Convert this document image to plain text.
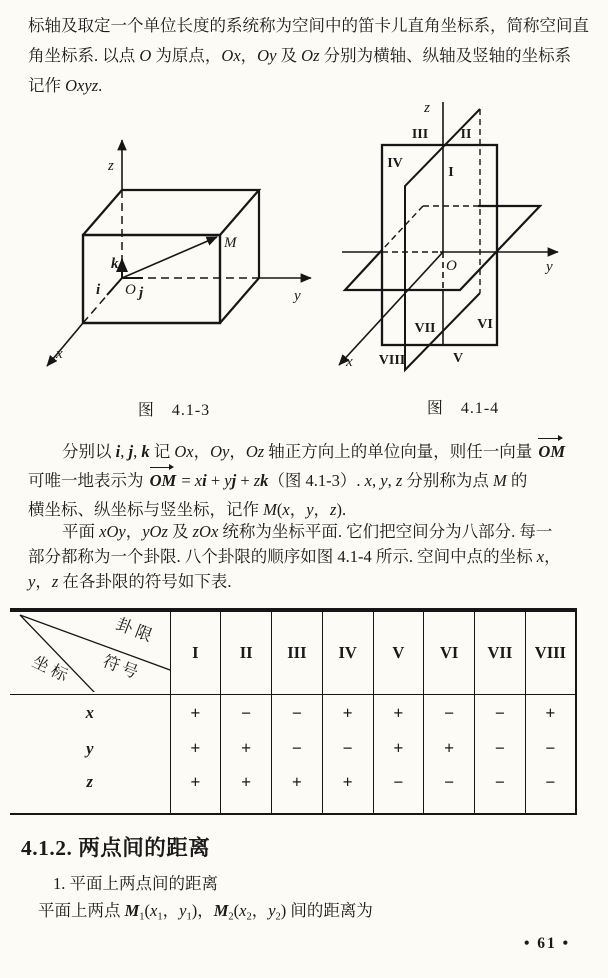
标轴及取定一个单位长度的系统称为空间中的笛卡儿直角坐标系，简称空间直
角坐标系. 以点 O 为原点，Ox，Oy 及 Oz 分别为横轴、纵轴及竖轴的坐标系
记作 Oxyz.
z
M
k
i	j
O	y
x
图　4.1-3
III II
IV
I
VII	VI
V
VIII
z
O	y
x
图　4.1-4
分别以 i, j, k 记 Ox，Oy，Oz 轴正方向上的单位向量，则任一向量 OM
可唯一地表示为 OM = xi + yj + zk（图 4.1-3）. x, y, z 分别称为点 M 的
横坐标、纵坐标与竖坐标，记作 M(x，y，z).
平面 xOy，yOz 及 zOx 统称为坐标平面. 它们把空间分为八部分. 每一
部分都称为一个卦限. 八个卦限的顺序如图 4.1-4 所示. 空间中点的坐标 x，
y，z 在各卦限的符号如下表.
卦限
符号
坐标	I	II	III	IV	V	VI	VII	VIII
x	+	−	−	+	+	−	−	+
y	+	+	−	−	+	+	−	−
z	+	+	+	+	−	−	−	−
4.1.2. 两点间的距离
1. 平面上两点间的距离
平面上两点 $M_1(x_1$，$y_1$)，$M_2(x_2$，$y_2$) 间的距离为
• 61 •
